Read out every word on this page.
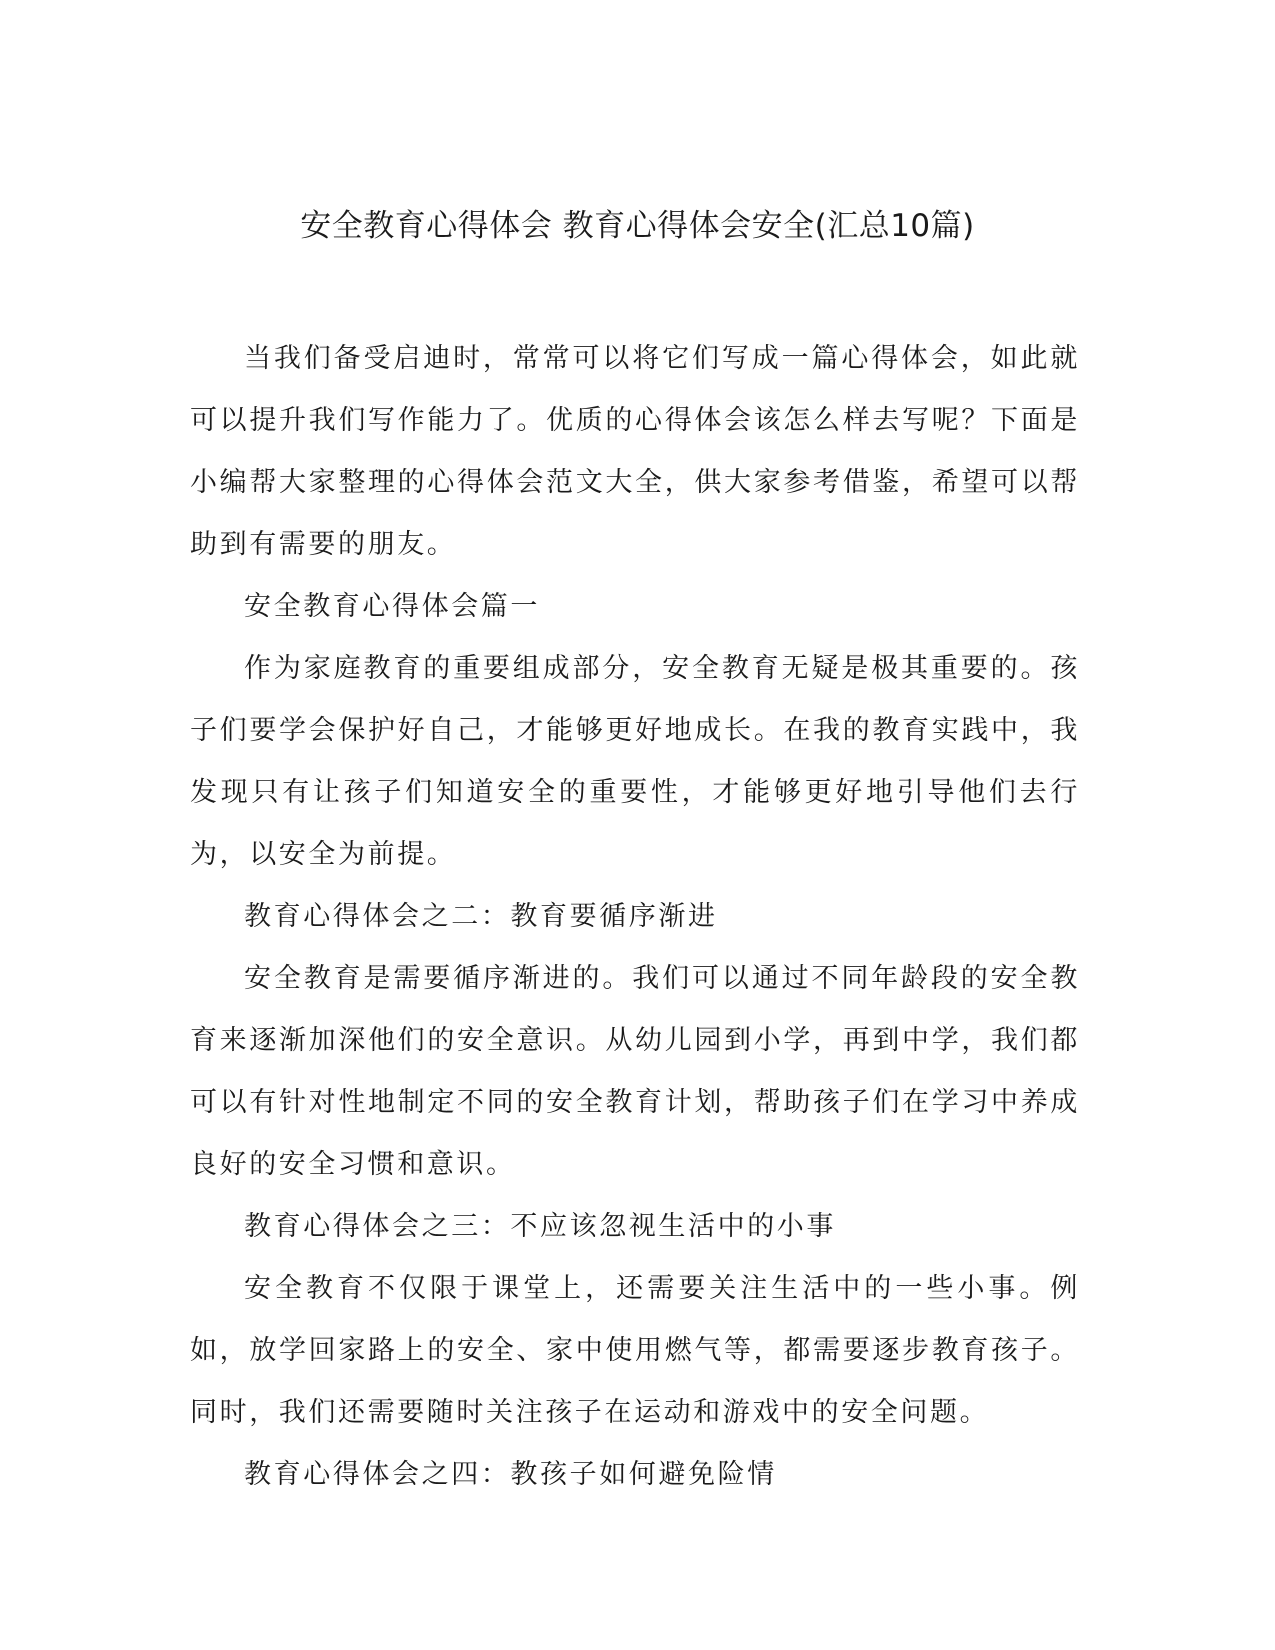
安全教育心得体会 教育心得体会安全(汇总10篇)

当我们备受启迪时，常常可以将它们写成一篇心得体会，如此就可以提升我们写作能力了。优质的心得体会该怎么样去写呢？下面是小编帮大家整理的心得体会范文大全，供大家参考借鉴，希望可以帮助到有需要的朋友。

安全教育心得体会篇一

作为家庭教育的重要组成部分，安全教育无疑是极其重要的。孩子们要学会保护好自己，才能够更好地成长。在我的教育实践中，我发现只有让孩子们知道安全的重要性，才能够更好地引导他们去行为，以安全为前提。

教育心得体会之二：教育要循序渐进

安全教育是需要循序渐进的。我们可以通过不同年龄段的安全教育来逐渐加深他们的安全意识。从幼儿园到小学，再到中学，我们都可以有针对性地制定不同的安全教育计划，帮助孩子们在学习中养成良好的安全习惯和意识。

教育心得体会之三：不应该忽视生活中的小事

安全教育不仅限于课堂上，还需要关注生活中的一些小事。例如，放学回家路上的安全、家中使用燃气等，都需要逐步教育孩子。同时，我们还需要随时关注孩子在运动和游戏中的安全问题。

教育心得体会之四：教孩子如何避免险情
